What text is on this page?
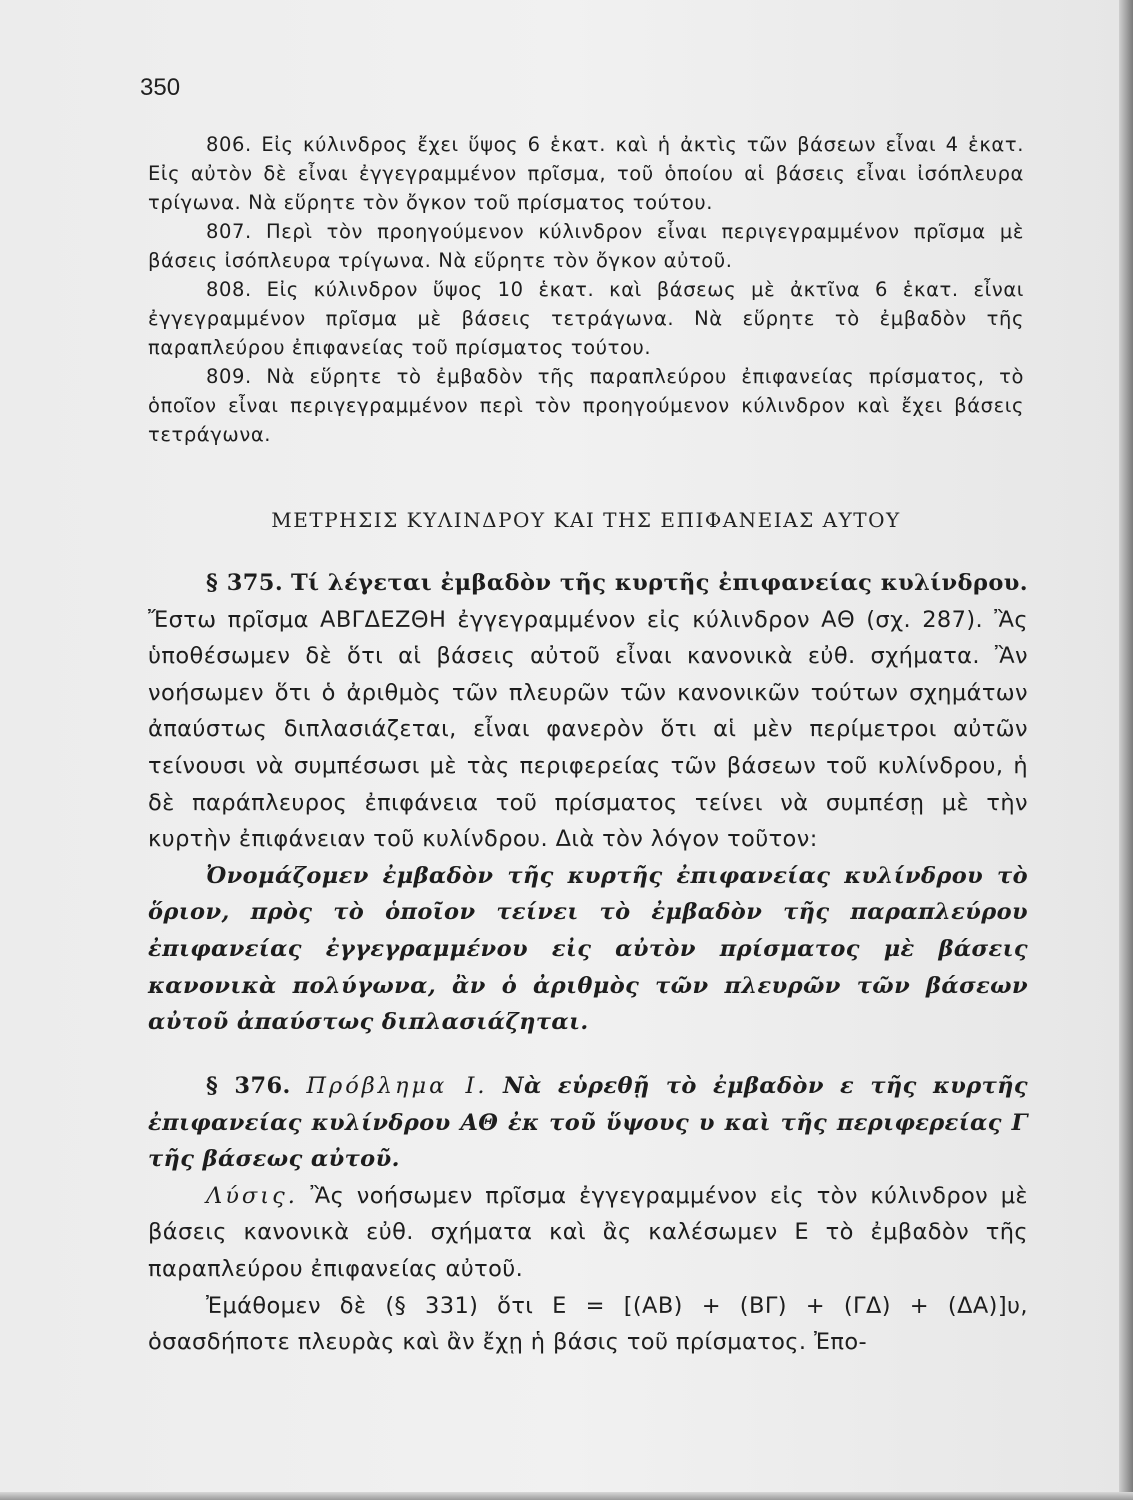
350

806. Εἰς κύλινδρος ἔχει ὕψος 6 ἑκατ. καὶ ἡ ἀκτὶς τῶν βάσεων εἶναι 4 ἑκατ. Εἰς αὐτὸν δὲ εἶναι ἐγγεγραμμένον πρῖσμα, τοῦ ὁποίου αἱ βάσεις εἶναι ἰσόπλευρα τρίγωνα. Νὰ εὕρητε τὸν ὄγκον τοῦ πρίσματος τούτου.

807. Περὶ τὸν προηγούμενον κύλινδρον εἶναι περιγεγραμμένον πρῖσμα μὲ βάσεις ἰσόπλευρα τρίγωνα. Νὰ εὕρητε τὸν ὄγκον αὐτοῦ.

808. Εἰς κύλινδρον ὕψος 10 ἑκατ. καὶ βάσεως μὲ ἀκτῖνα 6 ἑκατ. εἶναι ἐγγεγραμμένον πρῖσμα μὲ βάσεις τετράγωνα. Νὰ εὕρητε τὸ ἐμβαδὸν τῆς παραπλεύρου ἐπιφανείας τοῦ πρίσματος τούτου.

809. Νὰ εὕρητε τὸ ἐμβαδὸν τῆς παραπλεύρου ἐπιφανείας πρίσματος, τὸ ὁποῖον εἶναι περιγεγραμμένον περὶ τὸν προηγούμενον κύλινδρον καὶ ἔχει βάσεις τετράγωνα.

ΜΕΤΡΗΣΙΣ ΚΥΛΙΝΔΡΟΥ ΚΑΙ ΤΗΣ ΕΠΙΦΑΝΕΙΑΣ ΑΥΤΟΥ

§ 375. Τί λέγεται ἐμβαδὸν τῆς κυρτῆς ἐπιφανείας κυλίνδρου. Ἔστω πρῖσμα ΑΒΓΔΕΖΘΗ ἐγγεγραμμένον εἰς κύλινδρον ΑΘ (σχ. 287). Ἂς ὑποθέσωμεν δὲ ὅτι αἱ βάσεις αὐτοῦ εἶναι κανονικὰ εὐθ. σχήματα. Ἂν νοήσωμεν ὅτι ὁ ἀριθμὸς τῶν πλευρῶν τῶν κανονικῶν τούτων σχημάτων ἀπαύστως διπλασιάζεται, εἶναι φανερὸν ὅτι αἱ μὲν περίμετροι αὐτῶν τείνουσι νὰ συμπέσωσι μὲ τὰς περιφερείας τῶν βάσεων τοῦ κυλίνδρου, ἡ δὲ παράπλευρος ἐπιφάνεια τοῦ πρίσματος τείνει νὰ συμπέσῃ μὲ τὴν κυρτὴν ἐπιφάνειαν τοῦ κυλίνδρου. Διὰ τὸν λόγον τοῦτον:

Ὀνομάζομεν ἐμβαδὸν τῆς κυρτῆς ἐπιφανείας κυλίνδρου τὸ ὅριον, πρὸς τὸ ὁποῖον τείνει τὸ ἐμβαδὸν τῆς παραπλεύρου ἐπιφανείας ἐγγεγραμμένου εἰς αὐτὸν πρίσματος μὲ βάσεις κανονικὰ πολύγωνα, ἂν ὁ ἀριθμὸς τῶν πλευρῶν τῶν βάσεων αὐτοῦ ἀπαύστως διπλασιάζηται.

§ 376. Πρόβλημα Ι. Νὰ εὑρεθῇ τὸ ἐμβαδὸν ε τῆς κυρτῆς ἐπιφανείας κυλίνδρου ΑΘ ἐκ τοῦ ὕψους υ καὶ τῆς περιφερείας Γ τῆς βάσεως αὐτοῦ.

Λύσις. Ἂς νοήσωμεν πρῖσμα ἐγγεγραμμένον εἰς τὸν κύλινδρον μὲ βάσεις κανονικὰ εὐθ. σχήματα καὶ ἂς καλέσωμεν Ε τὸ ἐμβαδὸν τῆς παραπλεύρου ἐπιφανείας αὐτοῦ.

Ἐμάθομεν δὲ (§ 331) ὅτι Ε = [(ΑΒ) + (ΒΓ) + (ΓΔ) + (ΔΑ)]υ, ὁσασδήποτε πλευρὰς καὶ ἂν ἔχῃ ἡ βάσις τοῦ πρίσματος. Ἐπο-
